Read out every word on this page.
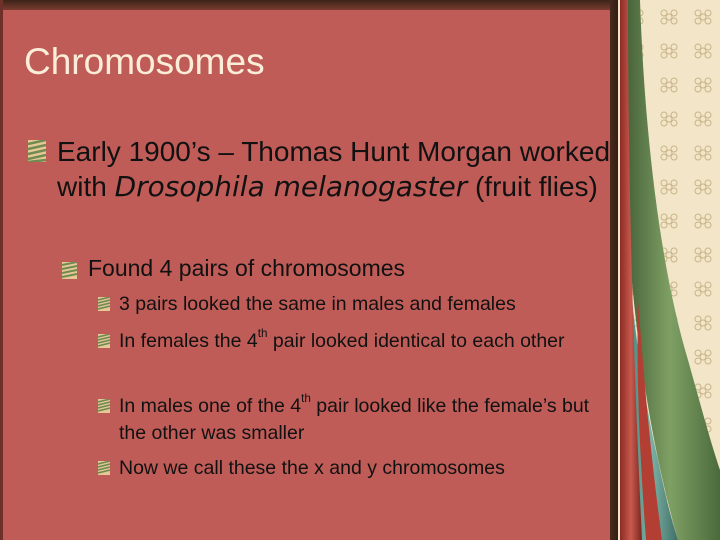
Chromosomes
Early 1900’s – Thomas Hunt Morgan worked with Drosophila melanogaster (fruit flies)
Found 4 pairs of chromosomes
3 pairs looked the same in males and females
In females the 4th pair looked identical to each other
In males one of the 4th pair looked like the female’s but the other was smaller
Now we call these the x and y chromosomes
